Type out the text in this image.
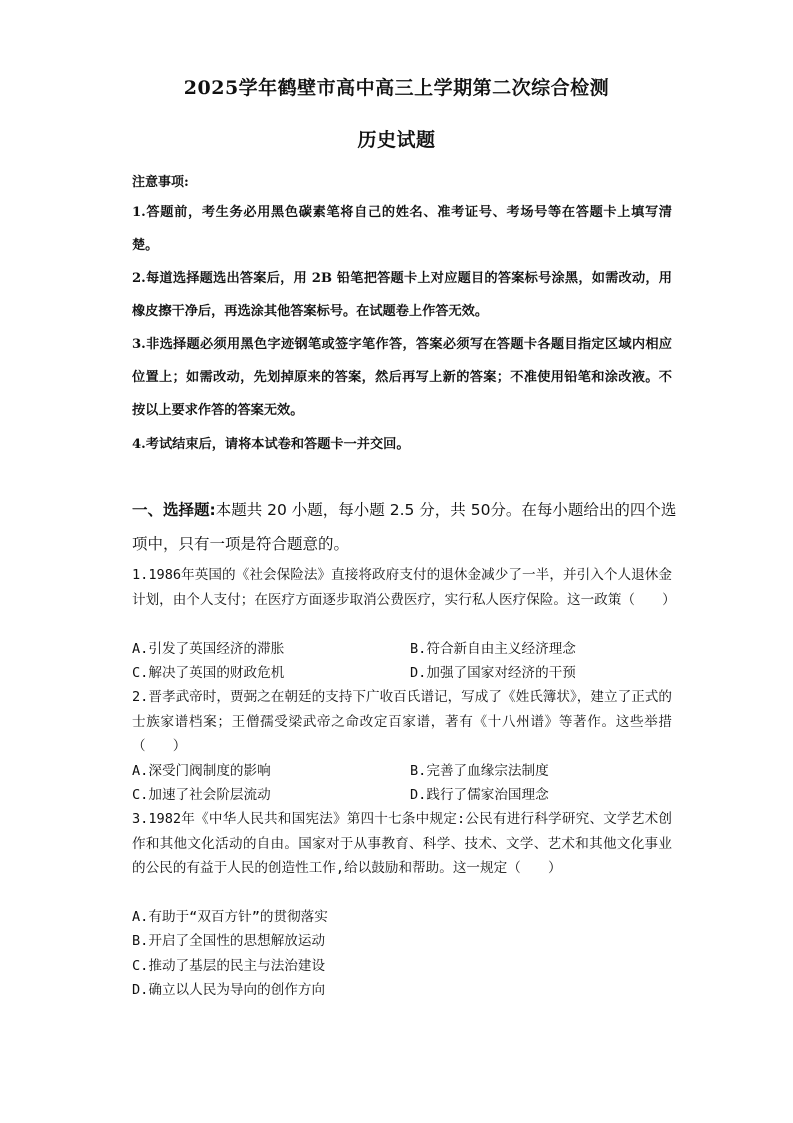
2025学年鹤壁市高中高三上学期第二次综合检测
历史试题
注意事项:
1.答题前，考生务必用黑色碳素笔将自己的姓名、准考证号、考场号等在答题卡上填写清楚。
2.每道选择题选出答案后，用 2B 铅笔把答题卡上对应题目的答案标号涂黑，如需改动，用橡皮擦干净后，再选涂其他答案标号。在试题卷上作答无效。
3.非选择题必须用黑色字迹钢笔或签字笔作答，答案必须写在答题卡各题目指定区域内相应位置上；如需改动，先划掉原来的答案，然后再写上新的答案；不准使用铅笔和涂改液。不按以上要求作答的答案无效。
4.考试结束后，请将本试卷和答题卡一并交回。
一、选择题:本题共 20 小题，每小题 2.5 分，共 50分。在每小题给出的四个选项中，只有一项是符合题意的。
1.1986年英国的《社会保险法》直接将政府支付的退休金减少了一半，并引入个人退休金计划，由个人支付；在医疗方面逐步取消公费医疗，实行私人医疗保险。这一政策（　　）
A.引发了英国经济的滞胀	B.符合新自由主义经济理念
C.解决了英国的财政危机	D.加强了国家对经济的干预
2.晋孝武帝时，贾弼之在朝廷的支持下广收百氏谱记，写成了《姓氏簿状》，建立了正式的士族家谱档案；王僧孺受梁武帝之命改定百家谱，著有《十八州谱》等著作。这些举措（　　）
A.深受门阀制度的影响	B.完善了血缘宗法制度
C.加速了社会阶层流动	D.践行了儒家治国理念
3.1982年《中华人民共和国宪法》第四十七条中规定:公民有进行科学研究、文学艺术创作和其他文化活动的自由。国家对于从事教育、科学、技术、文学、艺术和其他文化事业的公民的有益于人民的创造性工作,给以鼓励和帮助。这一规定（　　）
A.有助于“双百方针”的贯彻落实
B.开启了全国性的思想解放运动
C.推动了基层的民主与法治建设
D.确立以人民为导向的创作方向
